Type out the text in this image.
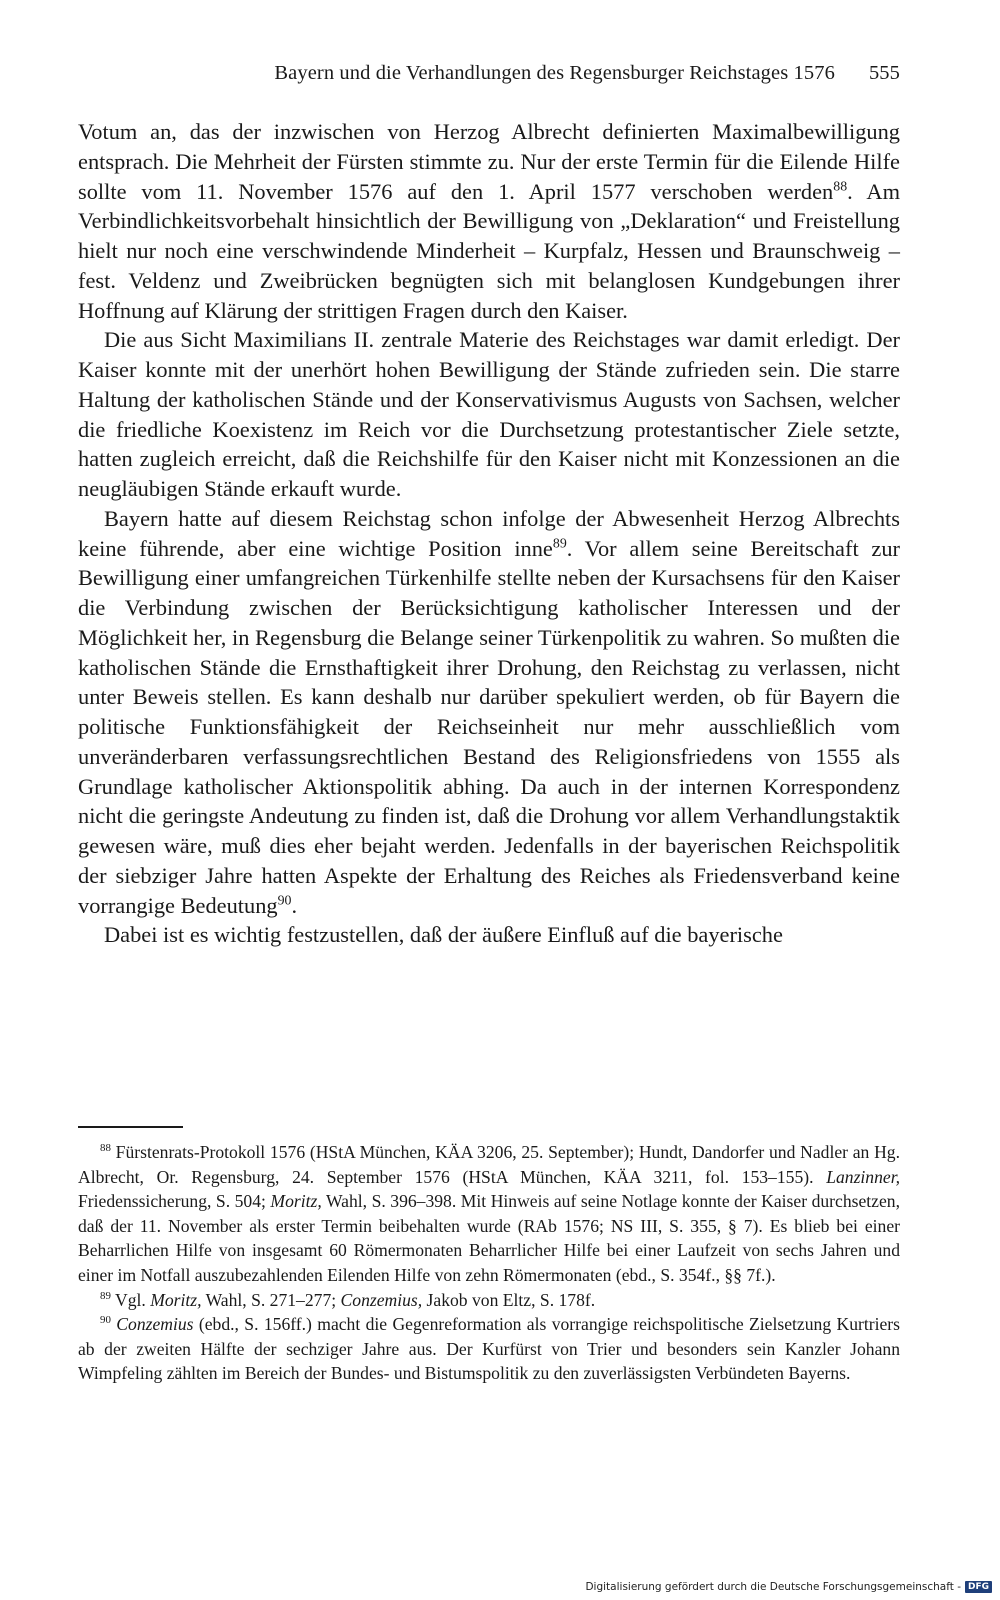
Bayern und die Verhandlungen des Regensburger Reichstages 1576 555

Votum an, das der inzwischen von Herzog Albrecht definierten Maximalbewilligung entsprach. Die Mehrheit der Fürsten stimmte zu. Nur der erste Termin für die Eilende Hilfe sollte vom 11. November 1576 auf den 1. April 1577 verschoben werden$^{88}$. Am Verbindlichkeitsvorbehalt hinsichtlich der Bewilligung von „Deklaration“ und Freistellung hielt nur noch eine verschwindende Minderheit – Kurpfalz, Hessen und Braunschweig – fest. Veldenz und Zweibrücken begnügten sich mit belanglosen Kundgebungen ihrer Hoffnung auf Klärung der strittigen Fragen durch den Kaiser.

Die aus Sicht Maximilians II. zentrale Materie des Reichstages war damit erledigt. Der Kaiser konnte mit der unerhört hohen Bewilligung der Stände zufrieden sein. Die starre Haltung der katholischen Stände und der Konservativismus Augusts von Sachsen, welcher die friedliche Koexistenz im Reich vor die Durchsetzung protestantischer Ziele setzte, hatten zugleich erreicht, daß die Reichshilfe für den Kaiser nicht mit Konzessionen an die neugläubigen Stände erkauft wurde.

Bayern hatte auf diesem Reichstag schon infolge der Abwesenheit Herzog Albrechts keine führende, aber eine wichtige Position inne$^{89}$. Vor allem seine Bereitschaft zur Bewilligung einer umfangreichen Türkenhilfe stellte neben der Kursachsens für den Kaiser die Verbindung zwischen der Berücksichtigung katholischer Interessen und der Möglichkeit her, in Regensburg die Belange seiner Türkenpolitik zu wahren. So mußten die katholischen Stände die Ernsthaftigkeit ihrer Drohung, den Reichstag zu verlassen, nicht unter Beweis stellen. Es kann deshalb nur darüber spekuliert werden, ob für Bayern die politische Funktionsfähigkeit der Reichseinheit nur mehr ausschließlich vom unveränderbaren verfassungsrechtlichen Bestand des Religionsfriedens von 1555 als Grundlage katholischer Aktionspolitik abhing. Da auch in der internen Korrespondenz nicht die geringste Andeutung zu finden ist, daß die Drohung vor allem Verhandlungstaktik gewesen wäre, muß dies eher bejaht werden. Jedenfalls in der bayerischen Reichspolitik der siebziger Jahre hatten Aspekte der Erhaltung des Reiches als Friedensverband keine vorrangige Bedeutung$^{90}$.

Dabei ist es wichtig festzustellen, daß der äußere Einfluß auf die bayerische

$^{88}$ Fürstenrats-Protokoll 1576 (HStA München, KÄA 3206, 25. September); Hundt, Dandorfer und Nadler an Hg. Albrecht, Or. Regensburg, 24. September 1576 (HStA München, KÄA 3211, fol. 153–155). Lanzinner, Friedenssicherung, S. 504; Moritz, Wahl, S. 396–398. Mit Hinweis auf seine Notlage konnte der Kaiser durchsetzen, daß der 11. November als erster Termin beibehalten wurde (RAb 1576; NS III, S. 355, § 7). Es blieb bei einer Beharrlichen Hilfe von insgesamt 60 Römermonaten Beharrlicher Hilfe bei einer Laufzeit von sechs Jahren und einer im Notfall auszubezahlenden Eilenden Hilfe von zehn Römermonaten (ebd., S. 354f., §§ 7f.).

$^{89}$ Vgl. Moritz, Wahl, S. 271–277; Conzemius, Jakob von Eltz, S. 178f.

$^{90}$ Conzemius (ebd., S. 156ff.) macht die Gegenreformation als vorrangige reichspolitische Zielsetzung Kurtriers ab der zweiten Hälfte der sechziger Jahre aus. Der Kurfürst von Trier und besonders sein Kanzler Johann Wimpfeling zählten im Bereich der Bundes- und Bistumspolitik zu den zuverlässigsten Verbündeten Bayerns.

Digitalisierung gefördert durch die Deutsche Forschungsgemeinschaft - DFG
